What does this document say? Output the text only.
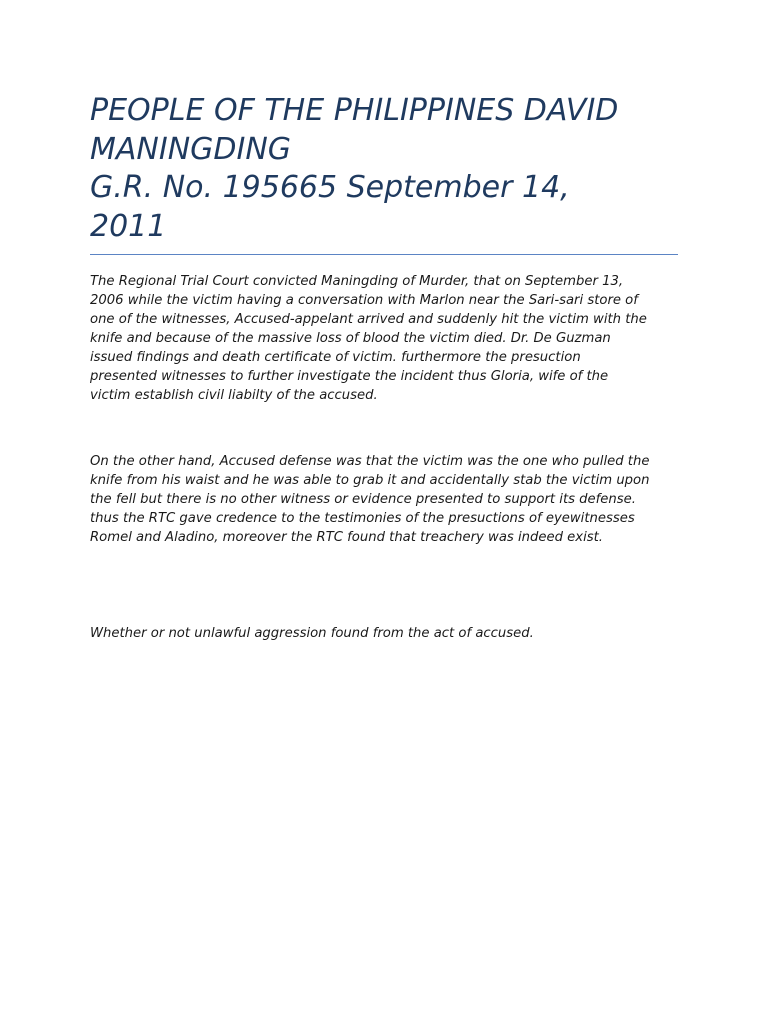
PEOPLE OF THE PHILIPPINES DAVID
MANINGDING
G.R. No. 195665 September 14,
2011

The Regional Trial Court convicted Maningding of Murder, that on September 13,
2006 while the victim having a conversation with Marlon near the Sari-sari store of
one of the witnesses, Accused-appelant arrived and suddenly hit the victim with the
knife and because of the massive loss of blood the victim died. Dr. De Guzman
issued findings and death certificate of victim. furthermore the presuction
presented witnesses to further investigate the incident thus Gloria, wife of the
victim establish civil liabilty of the accused.

On the other hand, Accused defense was that the victim was the one who pulled the
knife from his waist and he was able to grab it and accidentally stab the victim upon
the fell but there is no other witness or evidence presented to support its defense.
thus the RTC gave credence to the testimonies of the presuctions of eyewitnesses
Romel and Aladino, moreover the RTC found that treachery was indeed exist.

Whether or not unlawful aggression found from the act of accused.
